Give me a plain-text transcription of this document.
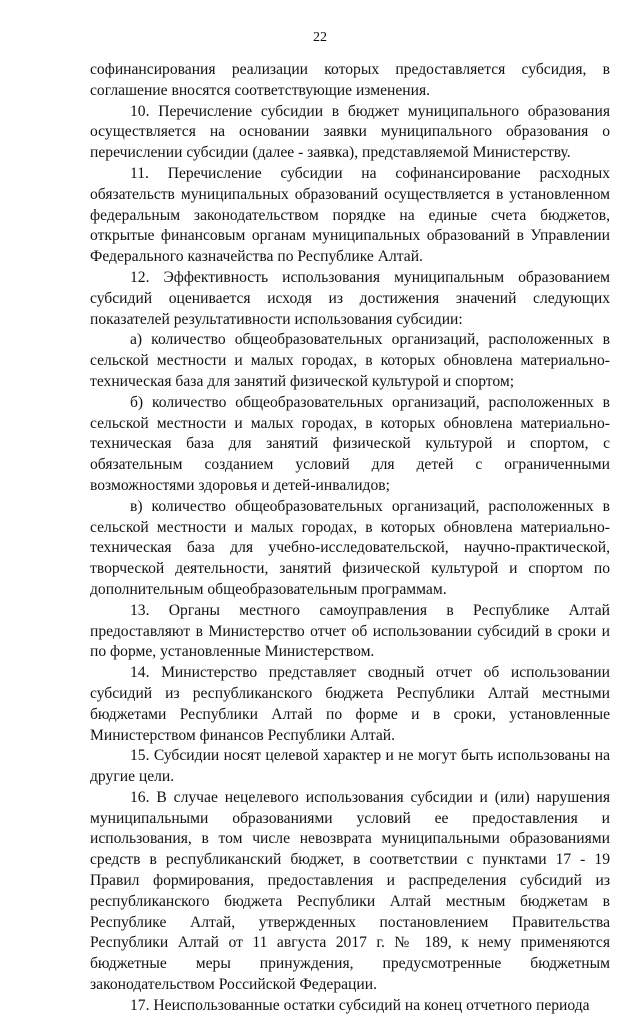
22

софинансирования реализации которых предоставляется субсидия, в соглашение вносятся соответствующие изменения.

10. Перечисление субсидии в бюджет муниципального образования осуществляется на основании заявки муниципального образования о перечислении субсидии (далее - заявка), представляемой Министерству.

11. Перечисление субсидии на софинансирование расходных обязательств муниципальных образований осуществляется в установленном федеральным законодательством порядке на единые счета бюджетов, открытые финансовым органам муниципальных образований в Управлении Федерального казначейства по Республике Алтай.

12. Эффективность использования муниципальным образованием субсидий оценивается исходя из достижения значений следующих показателей результативности использования субсидии:

а) количество общеобразовательных организаций, расположенных в сельской местности и малых городах, в которых обновлена материально-техническая база для занятий физической культурой и спортом;

б) количество общеобразовательных организаций, расположенных в сельской местности и малых городах, в которых обновлена материально-техническая база для занятий физической культурой и спортом, с обязательным созданием условий для детей с ограниченными возможностями здоровья и детей-инвалидов;

в) количество общеобразовательных организаций, расположенных в сельской местности и малых городах, в которых обновлена материально-техническая база для учебно-исследовательской, научно-практической, творческой деятельности, занятий физической культурой и спортом по дополнительным общеобразовательным программам.

13. Органы местного самоуправления в Республике Алтай предоставляют в Министерство отчет об использовании субсидий в сроки и по форме, установленные Министерством.

14. Министерство представляет сводный отчет об использовании субсидий из республиканского бюджета Республики Алтай местными бюджетами Республики Алтай по форме и в сроки, установленные Министерством финансов Республики Алтай.

15. Субсидии носят целевой характер и не могут быть использованы на другие цели.

16. В случае нецелевого использования субсидии и (или) нарушения муниципальными образованиями условий ее предоставления и использования, в том числе невозврата муниципальными образованиями средств в республиканский бюджет, в соответствии с пунктами 17 - 19 Правил формирования, предоставления и распределения субсидий из республиканского бюджета Республики Алтай местным бюджетам в Республике Алтай, утвержденных постановлением Правительства Республики Алтай от 11 августа 2017 г. № 189, к нему применяются бюджетные меры принуждения, предусмотренные бюджетным законодательством Российской Федерации.

17. Неиспользованные остатки субсидий на конец отчетного периода
